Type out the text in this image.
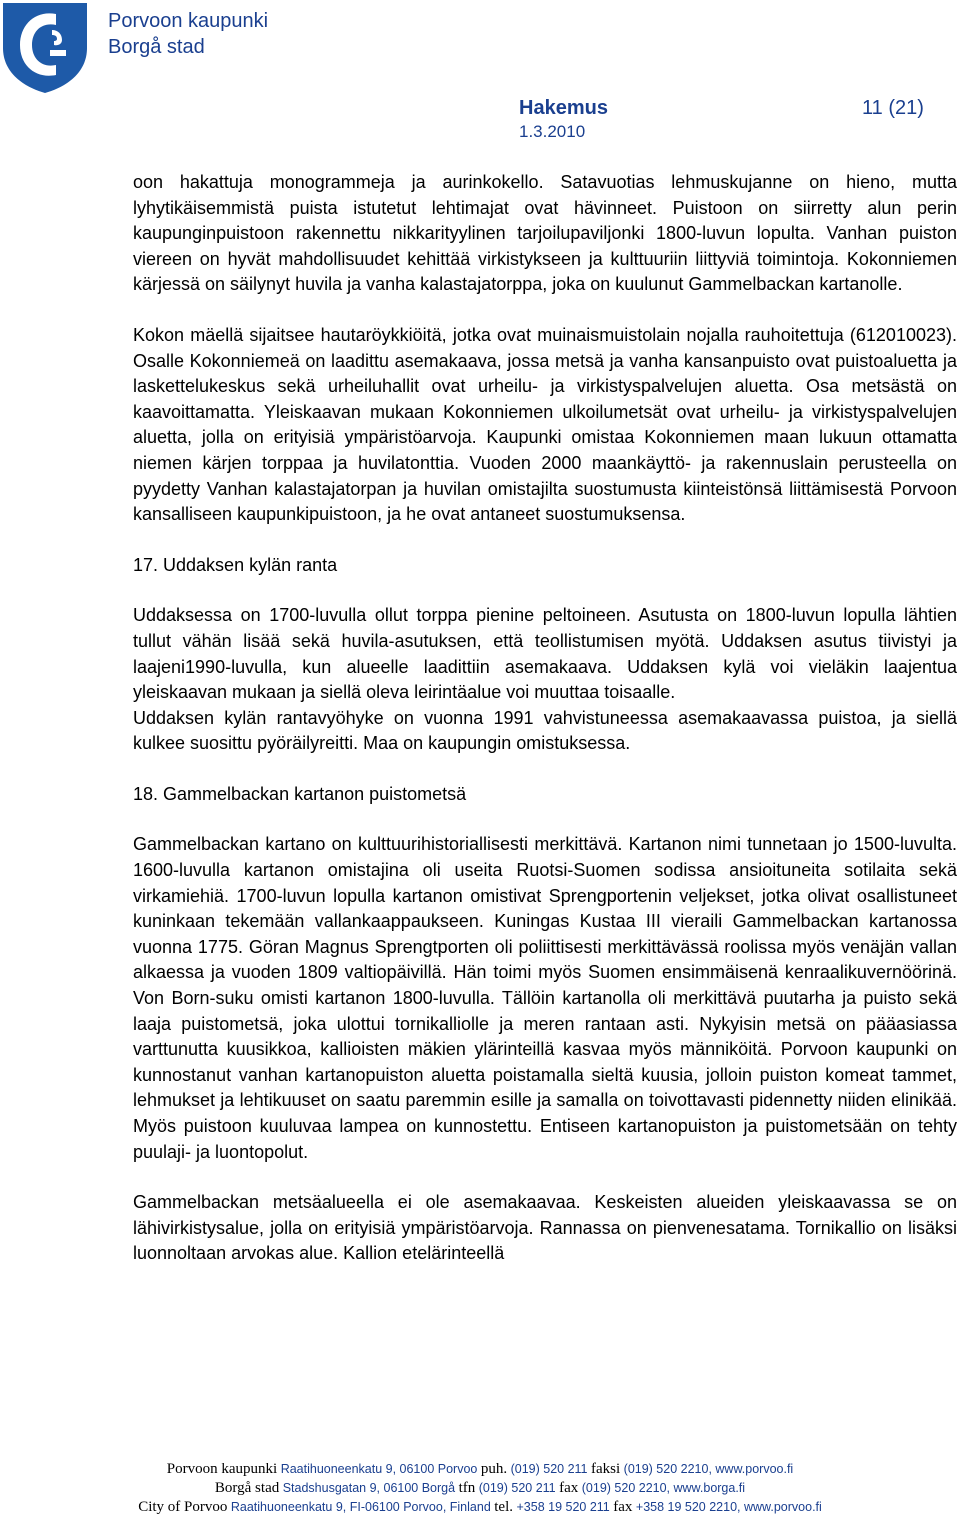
Porvoon kaupunki
Borgå stad
Hakemus	11 (21)
1.3.2010

oon hakattuja monogrammeja ja aurinkokello. Satavuotias lehmuskujanne on hieno, mutta lyhytikäisemmistä puista istutetut lehtimajat ovat hävinneet. Puistoon on siirretty alun perin kaupunginpuistoon rakennettu nikkarityylinen tarjoilupaviljonki 1800-luvun lopulta. Vanhan puiston viereen on hyvät mahdollisuudet kehittää virkistykseen ja kulttuuriin liittyviä toimintoja. Kokonniemen kärjessä on säilynyt huvila ja vanha kalastajatorppa, joka on kuulunut Gammelbackan kartanolle.

Kokon mäellä sijaitsee hautaröykkiöitä, jotka ovat muinaismuistolain nojalla rauhoitettuja (612010023). Osalle Kokonniemeä on laadittu asemakaava, jossa metsä ja vanha kansanpuisto ovat puistoaluetta ja laskettelukeskus sekä urheiluhallit ovat urheilu- ja virkistyspalvelujen aluetta. Osa metsästä on kaavoittamatta. Yleiskaavan mukaan Kokonniemen ulkoilumetsät ovat urheilu- ja virkistyspalvelujen aluetta, jolla on erityisiä ympäristöarvoja. Kaupunki omistaa Kokonniemen maan lukuun ottamatta niemen kärjen torppaa ja huvilatonttia. Vuoden 2000 maankäyttö- ja rakennuslain perusteella on pyydetty Vanhan kalastajatorpan ja huvilan omistajilta suostumusta kiinteistönsä liittämisestä Porvoon kansalliseen kaupunkipuistoon, ja he ovat antaneet suostumuksensa.

17. Uddaksen kylän ranta

Uddaksessa on 1700-luvulla ollut torppa pienine peltoineen. Asutusta on 1800-luvun lopulla lähtien tullut vähän lisää sekä huvila-asutuksen, että teollistumisen myötä. Uddaksen asutus tiivistyi ja laajeni1990-luvulla, kun alueelle laadittiin asemakaava. Uddaksen kylä voi vieläkin laajentua yleiskaavan mukaan ja siellä oleva leirintäalue voi muuttaa toisaalle.

Uddaksen kylän rantavyöhyke on vuonna 1991 vahvistuneessa asemakaavassa puistoa, ja siellä kulkee suosittu pyöräilyreitti. Maa on kaupungin omistuksessa.

18. Gammelbackan kartanon puistometsä

Gammelbackan kartano on kulttuurihistoriallisesti merkittävä. Kartanon nimi tunnetaan jo 1500-luvulta. 1600-luvulla kartanon omistajina oli useita Ruotsi-Suomen sodissa ansioituneita sotilaita sekä virkamiehiä. 1700-luvun lopulla kartanon omistivat Sprengportenin veljekset, jotka olivat osallistuneet kuninkaan tekemään vallankaappaukseen. Kuningas Kustaa III vieraili Gammelbackan kartanossa vuonna 1775. Göran Magnus Sprengtporten oli poliittisesti merkittävässä roolissa myös venäjän vallan alkaessa ja vuoden 1809 valtiopäivillä. Hän toimi myös Suomen ensimmäisenä kenraalikuvernöörinä. Von Born-suku omisti kartanon 1800-luvulla. Tällöin kartanolla oli merkittävä puutarha ja puisto sekä laaja puistometsä, joka ulottui tornikalliolle ja meren rantaan asti. Nykyisin metsä on pääasiassa varttunutta kuusikkoa, kallioisten mäkien ylärinteillä kasvaa myös männiköitä. Porvoon kaupunki on kunnostanut vanhan kartanopuiston aluetta poistamalla sieltä kuusia, jolloin puiston komeat tammet, lehmukset ja lehtikuuset on saatu paremmin esille ja samalla on toivottavasti pidennetty niiden elinikää. Myös puistoon kuuluvaa lampea on kunnostettu. Entiseen kartanopuiston ja puistometsään on tehty puulaji- ja luontopolut.

Gammelbackan metsäalueella ei ole asemakaavaa. Keskeisten alueiden yleiskaavassa se on lähivirkistysalue, jolla on erityisiä ympäristöarvoja. Rannassa on pienvenesatama. Tornikallio on lisäksi luonnoltaan arvokas alue. Kallion etelärinteellä

Porvoon kaupunki Raatihuoneenkatu 9, 06100 Porvoo puh. (019) 520 211 faksi (019) 520 2210, www.porvoo.fi
Borgå stad Stadshusgatan 9, 06100 Borgå tfn (019) 520 211 fax (019) 520 2210, www.borga.fi
City of Porvoo Raatihuoneenkatu 9, FI-06100 Porvoo, Finland tel. +358 19 520 211 fax +358 19 520 2210, www.porvoo.fi
